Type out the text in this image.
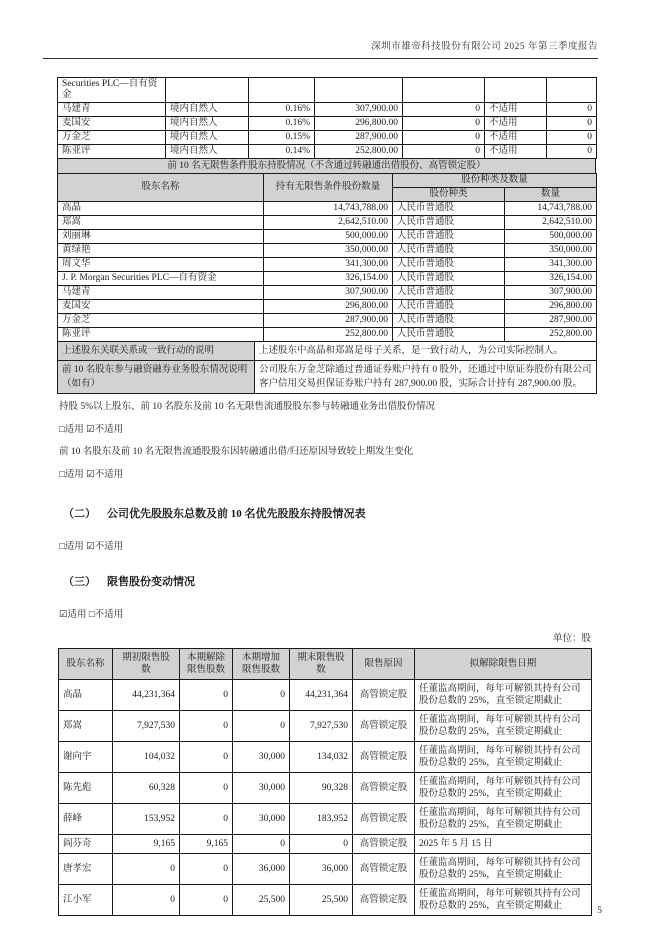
深圳市雄帝科技股份有限公司 2025 年第三季度报告
Securities PLC—自有资金						
马建青	境内自然人	0.16%	307,900.00	0	不适用	0
麦国安	境内自然人	0.16%	296,800.00	0	不适用	0
万金芝	境内自然人	0.15%	287,900.00	0	不适用	0
陈亚评	境内自然人	0.14%	252,800.00	0	不适用	0
前 10 名无限售条件股东持股情况（不含通过转融通出借股份、高管锁定股）
股东名称	持有无限售条件股份数量	股份种类及数量	
		股份种类	数量
高晶	14,743,788.00	人民币普通股	14,743,788.00
郑嵩	2,642,510.00	人民币普通股	2,642,510.00
刘丽琳	500,000.00	人民币普通股	500,000.00
黄绿艳	350,000.00	人民币普通股	350,000.00
周文华	341,300.00	人民币普通股	341,300.00
J. P. Morgan Securities PLC—自有资金	326,154.00	人民币普通股	326,154.00
马建青	307,900.00	人民币普通股	307,900.00
麦国安	296,800.00	人民币普通股	296,800.00
万金芝	287,900.00	人民币普通股	287,900.00
陈亚评	252,800.00	人民币普通股	252,800.00
上述股东关联关系或一致行动的说明	上述股东中高晶和郑嵩是母子关系，是一致行动人，为公司实际控制人。
前 10 名股东参与融资融券业务股东情况说明（如有）	公司股东万金芝除通过普通证券账户持有 0 股外，还通过中原证券股份有限公司客户信用交易担保证券账户持有 287,900.00 股，实际合计持有 287,900.00 股。

持股 5%以上股东、前 10 名股东及前 10 名无限售流通股股东参与转融通业务出借股份情况

□适用 ☑不适用

前 10 名股东及前 10 名无限售流通股股东因转融通出借/归还原因导致较上期发生变化

□适用 ☑不适用

（二） 公司优先股股东总数及前 10 名优先股股东持股情况表

□适用 ☑不适用

（三） 限售股份变动情况

☑适用 □不适用

单位：股
股东名称	期初限售股数	本期解除限售股数	本期增加限售股数	期末限售股数	限售原因	拟解除限售日期
高晶	44,231,364	0	0	44,231,364	高管锁定股	任董监高期间，每年可解锁其持有公司股份总数的 25%，直至锁定期截止
郑嵩	7,927,530	0	0	7,927,530	高管锁定股	任董监高期间，每年可解锁其持有公司股份总数的 25%，直至锁定期截止
谢向宇	104,032	0	30,000	134,032	高管锁定股	任董监高期间，每年可解锁其持有公司股份总数的 25%，直至锁定期截止
陈先彪	60,328	0	30,000	90,328	高管锁定股	任董监高期间，每年可解锁其持有公司股份总数的 25%，直至锁定期截止
薛峰	153,952	0	30,000	183,952	高管锁定股	任董监高期间，每年可解锁其持有公司股份总数的 25%，直至锁定期截止
阎芬奇	9,165	9,165	0	0	高管锁定股	2025 年 5 月 15 日
唐孝宏	0	0	36,000	36,000	高管锁定股	任董监高期间，每年可解锁其持有公司股份总数的 25%，直至锁定期截止
江小军	0	0	25,500	25,500	高管锁定股	任董监高期间，每年可解锁其持有公司股份总数的 25%，直至锁定期截止	5
